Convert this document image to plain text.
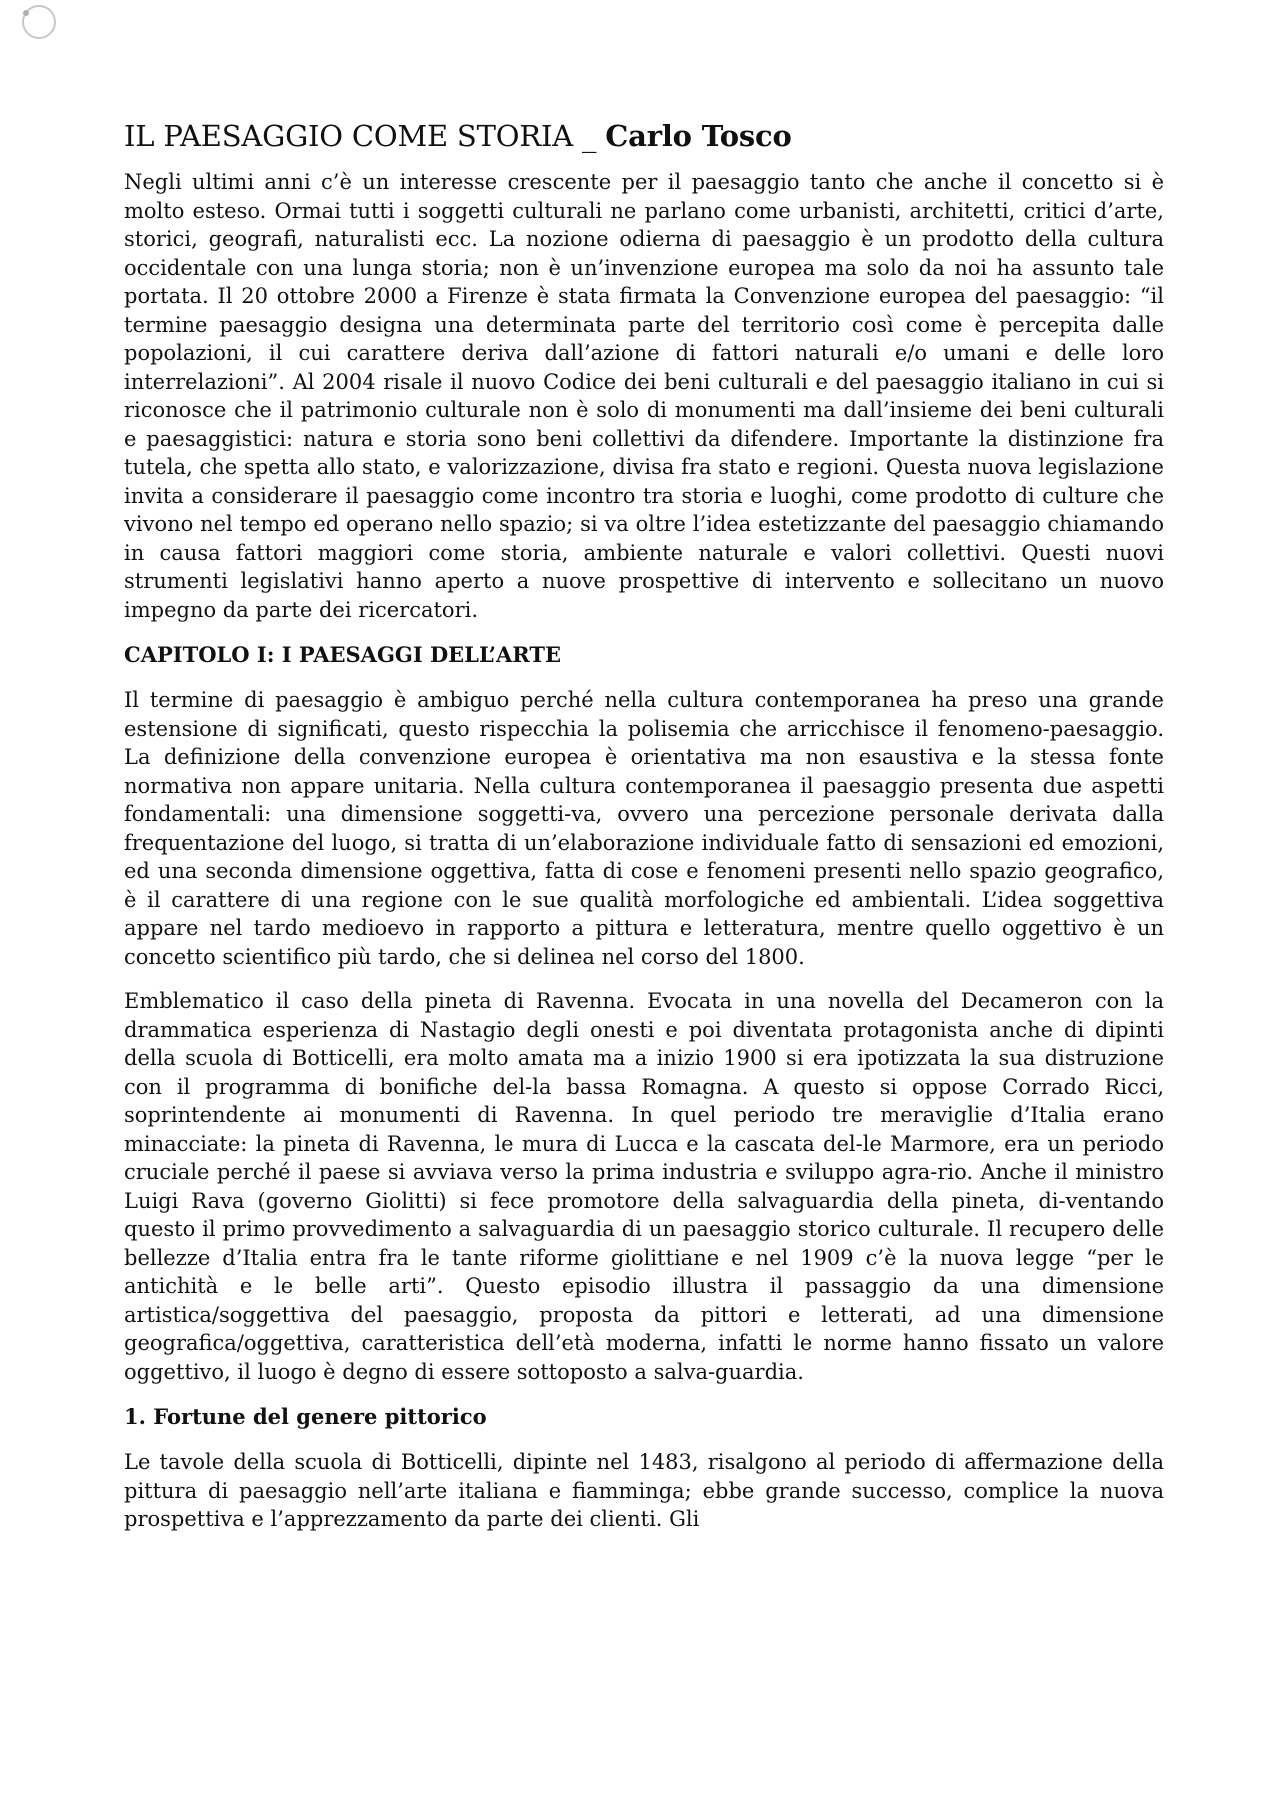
IL PAESAGGIO COME STORIA _ Carlo Tosco

Negli ultimi anni c’è un interesse crescente per il paesaggio tanto che anche il concetto si è molto esteso. Ormai tutti i soggetti culturali ne parlano come urbanisti, architetti, critici d’arte, storici, geografi, naturalisti ecc. La nozione odierna di paesaggio è un prodotto della cultura occidentale con una lunga storia; non è un’invenzione europea ma solo da noi ha assunto tale portata. Il 20 ottobre 2000 a Firenze è stata firmata la Convenzione europea del paesaggio: “il termine paesaggio designa una determinata parte del territorio così come è percepita dalle popolazioni, il cui carattere deriva dall’azione di fattori naturali e/o umani e delle loro interrelazioni”. Al 2004 risale il nuovo Codice dei beni culturali e del paesaggio italiano in cui si riconosce che il patrimonio culturale non è solo di monumenti ma dall’insieme dei beni culturali e paesaggistici: natura e storia sono beni collettivi da difendere. Importante la distinzione fra tutela, che spetta allo stato, e valorizzazione, divisa fra stato e regioni. Questa nuova legislazione invita a considerare il paesaggio come incontro tra storia e luoghi, come prodotto di culture che vivono nel tempo ed operano nello spazio; si va oltre l’idea estetizzante del paesaggio chiamando in causa fattori maggiori come storia, ambiente naturale e valori collettivi. Questi nuovi strumenti legislativi hanno aperto a nuove prospettive di intervento e sollecitano un nuovo impegno da parte dei ricercatori.

CAPITOLO I: I PAESAGGI DELL’ARTE

Il termine di paesaggio è ambiguo perché nella cultura contemporanea ha preso una grande estensione di significati, questo rispecchia la polisemia che arricchisce il fenomeno-paesaggio. La definizione della convenzione europea è orientativa ma non esaustiva e la stessa fonte normativa non appare unitaria. Nella cultura contemporanea il paesaggio presenta due aspetti fondamentali: una dimensione soggetti-va, ovvero una percezione personale derivata dalla frequentazione del luogo, si tratta di un’elaborazione individuale fatto di sensazioni ed emozioni, ed una seconda dimensione oggettiva, fatta di cose e fenomeni presenti nello spazio geografico, è il carattere di una regione con le sue qualità morfologiche ed ambientali. L’idea soggettiva appare nel tardo medioevo in rapporto a pittura e letteratura, mentre quello oggettivo è un concetto scientifico più tardo, che si delinea nel corso del 1800.

Emblematico il caso della pineta di Ravenna. Evocata in una novella del Decameron con la drammatica esperienza di Nastagio degli onesti e poi diventata protagonista anche di dipinti della scuola di Botticelli, era molto amata ma a inizio 1900 si era ipotizzata la sua distruzione con il programma di bonifiche del-la bassa Romagna. A questo si oppose Corrado Ricci, soprintendente ai monumenti di Ravenna. In quel periodo tre meraviglie d’Italia erano minacciate: la pineta di Ravenna, le mura di Lucca e la cascata del-le Marmore, era un periodo cruciale perché il paese si avviava verso la prima industria e sviluppo agra-rio. Anche il ministro Luigi Rava (governo Giolitti) si fece promotore della salvaguardia della pineta, di-ventando questo il primo provvedimento a salvaguardia di un paesaggio storico culturale. Il recupero delle bellezze d’Italia entra fra le tante riforme giolittiane e nel 1909 c’è la nuova legge “per le antichità e le belle arti”. Questo episodio illustra il passaggio da una dimensione artistica/soggettiva del paesaggio, proposta da pittori e letterati, ad una dimensione geografica/oggettiva, caratteristica dell’età moderna, infatti le norme hanno fissato un valore oggettivo, il luogo è degno di essere sottoposto a salva-guardia.

1. Fortune del genere pittorico

Le tavole della scuola di Botticelli, dipinte nel 1483, risalgono al periodo di affermazione della pittura di paesaggio nell’arte italiana e fiamminga; ebbe grande successo, complice la nuova prospettiva e l’apprezzamento da parte dei clienti. Gli
